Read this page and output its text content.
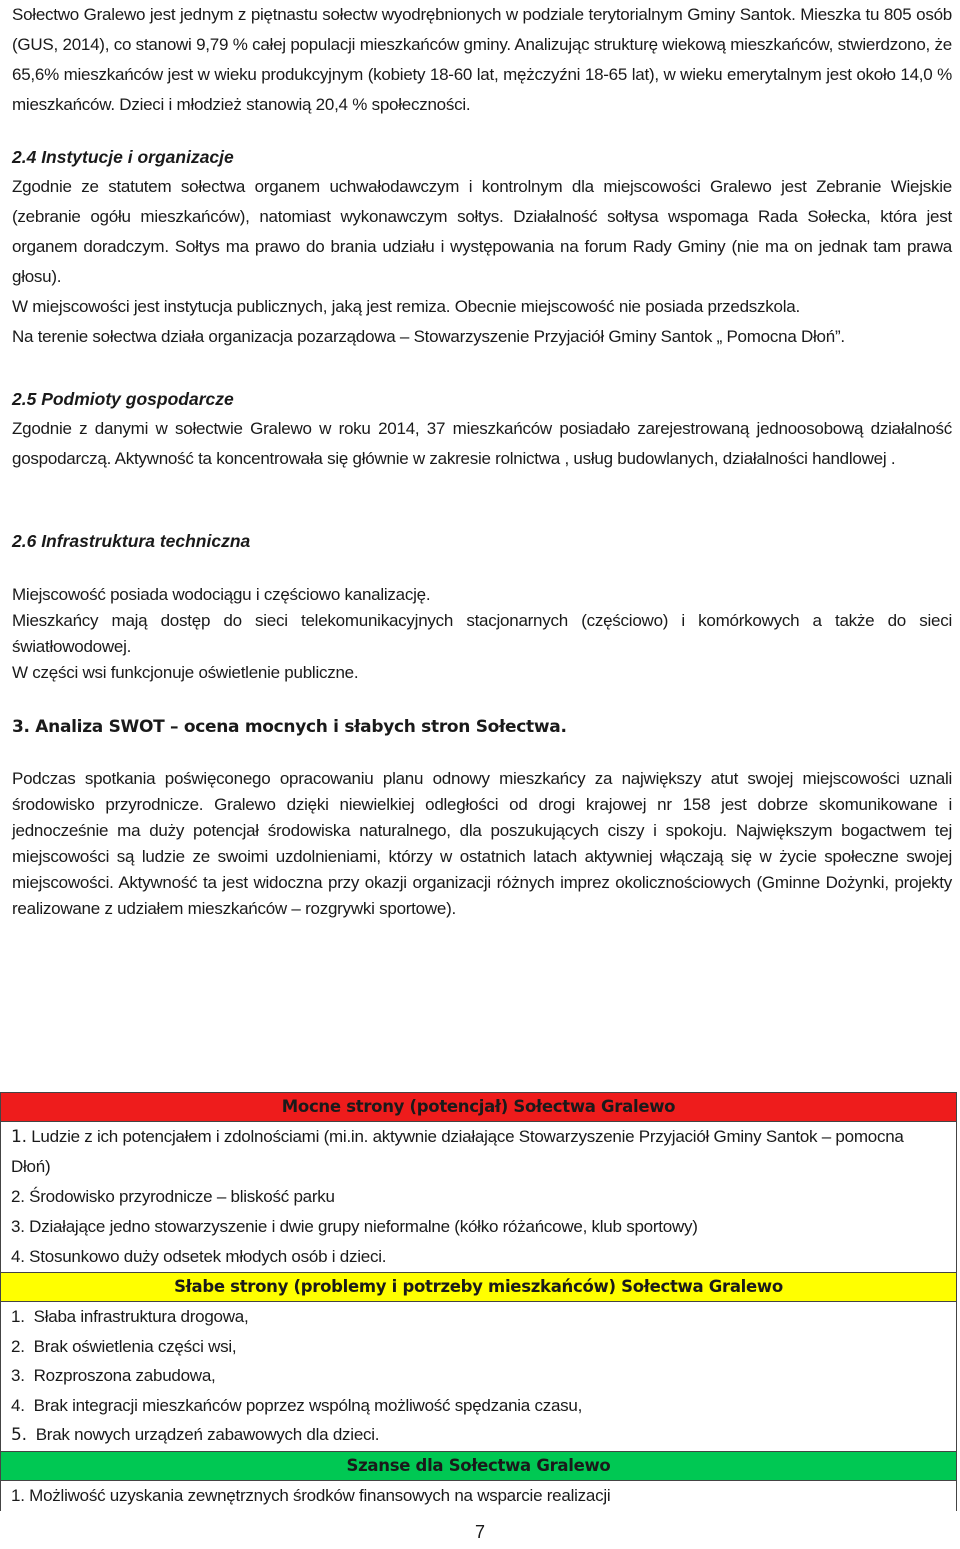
Sołectwo Gralewo jest jednym z piętnastu sołectw wyodrębnionych w podziale terytorialnym Gminy Santok. Mieszka tu 805 osób (GUS, 2014), co stanowi 9,79 % całej populacji mieszkańców gminy. Analizując strukturę wiekową mieszkańców, stwierdzono, że 65,6% mieszkańców jest w wieku produkcyjnym (kobiety 18-60 lat, mężczyźni 18-65 lat), w wieku emerytalnym jest około 14,0 % mieszkańców. Dzieci i młodzież stanowią 20,4 % społeczności.

2.4 Instytucje i organizacje

Zgodnie ze statutem sołectwa organem uchwałodawczym i kontrolnym dla miejscowości Gralewo jest Zebranie Wiejskie (zebranie ogółu mieszkańców), natomiast wykonawczym sołtys. Działalność sołtysa wspomaga Rada Sołecka, która jest organem doradczym. Sołtys ma prawo do brania udziału i występowania na forum Rady Gminy (nie ma on jednak tam prawa głosu).

W miejscowości jest instytucja publicznych, jaką jest remiza. Obecnie miejscowość nie posiada przedszkola.

Na terenie sołectwa działa organizacja pozarządowa – Stowarzyszenie Przyjaciół Gminy Santok „ Pomocna Dłoń”.

2.5 Podmioty gospodarcze

Zgodnie z danymi w sołectwie Gralewo w roku 2014, 37 mieszkańców posiadało zarejestrowaną jednoosobową działalność gospodarczą. Aktywność ta koncentrowała się głównie w zakresie rolnictwa , usług budowlanych, działalności handlowej .

2.6 Infrastruktura techniczna

Miejscowość posiada wodociągu i częściowo kanalizację.

Mieszkańcy mają dostęp do sieci telekomunikacyjnych stacjonarnych (częściowo) i komórkowych a także do sieci światłowodowej.

W części wsi funkcjonuje oświetlenie publiczne.

3. Analiza SWOT – ocena mocnych i słabych stron Sołectwa.

Podczas spotkania poświęconego opracowaniu planu odnowy mieszkańcy za największy atut swojej miejscowości uznali środowisko przyrodnicze. Gralewo dzięki niewielkiej odległości od drogi krajowej nr 158 jest dobrze skomunikowane i jednocześnie ma duży potencjał środowiska naturalnego, dla poszukujących ciszy i spokoju. Największym bogactwem tej miejscowości są ludzie ze swoimi uzdolnieniami, którzy w ostatnich latach aktywniej włączają się w życie społeczne swojej miejscowości. Aktywność ta jest widoczna przy okazji organizacji różnych imprez okolicznościowych (Gminne Dożynki, projekty realizowane z udziałem mieszkańców – rozgrywki sportowe).

Mocne strony (potencjał) Sołectwa Gralewo

1. Ludzie z ich potencjałem i zdolnościami (mi.in. aktywnie działające Stowarzyszenie Przyjaciół Gminy Santok – pomocna Dłoń)

2. Środowisko przyrodnicze – bliskość parku

3. Działające jedno stowarzyszenie i dwie grupy nieformalne (kółko różańcowe, klub sportowy)

4. Stosunkowo duży odsetek młodych osób i dzieci.

Słabe strony (problemy i potrzeby mieszkańców) Sołectwa Gralewo

1. Słaba infrastruktura drogowa,

2. Brak oświetlenia części wsi,

3. Rozproszona zabudowa,

4. Brak integracji mieszkańców poprzez wspólną możliwość spędzania czasu,

5. Brak nowych urządzeń zabawowych dla dzieci.

Szanse dla Sołectwa Gralewo

1. Możliwość uzyskania zewnętrznych środków finansowych na wsparcie realizacji

7
